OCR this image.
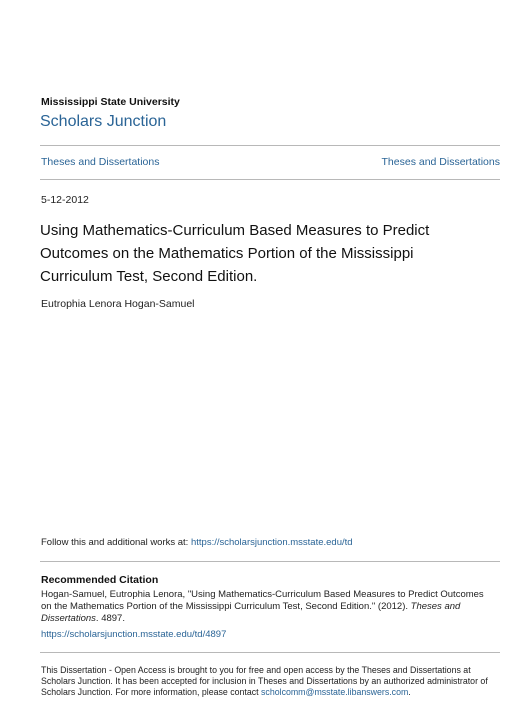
Mississippi State University
Scholars Junction
Theses and Dissertations	Theses and Dissertations
5-12-2012
Using Mathematics-Curriculum Based Measures to Predict Outcomes on the Mathematics Portion of the Mississippi Curriculum Test, Second Edition.
Eutrophia Lenora Hogan-Samuel
Follow this and additional works at: https://scholarsjunction.msstate.edu/td
Recommended Citation
Hogan-Samuel, Eutrophia Lenora, "Using Mathematics-Curriculum Based Measures to Predict Outcomes on the Mathematics Portion of the Mississippi Curriculum Test, Second Edition." (2012). Theses and Dissertations. 4897.
https://scholarsjunction.msstate.edu/td/4897
This Dissertation - Open Access is brought to you for free and open access by the Theses and Dissertations at Scholars Junction. It has been accepted for inclusion in Theses and Dissertations by an authorized administrator of Scholars Junction. For more information, please contact scholcomm@msstate.libanswers.com.
